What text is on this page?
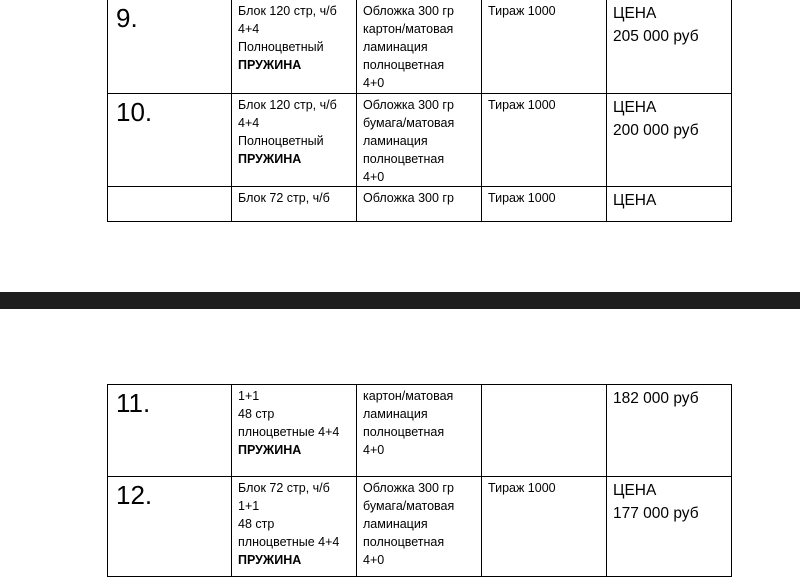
9.	Блок 120 стр, ч/б
4+4
Полноцветный
ПРУЖИНА	Обложка 300 гр
картон/матовая
ламинация
полноцветная
4+0	Тираж 1000	ЦЕНА
205 000 руб

10.	Блок 120 стр, ч/б
4+4
Полноцветный
ПРУЖИНА	Обложка 300 гр
бумага/матовая
ламинация
полноцветная
4+0	Тираж 1000	ЦЕНА
200 000 руб

	Блок 72 стр, ч/б	Обложка 300 гр	Тираж 1000	ЦЕНА
11.	1+1
48 стр
плноцветные 4+4
ПРУЖИНА	картон/матовая
ламинация
полноцветная
4+0		182 000 руб

12.	Блок 72 стр, ч/б
1+1
48 стр
плноцветные 4+4
ПРУЖИНА	Обложка 300 гр
бумага/матовая
ламинация
полноцветная
4+0	Тираж 1000	ЦЕНА
177 000 руб
